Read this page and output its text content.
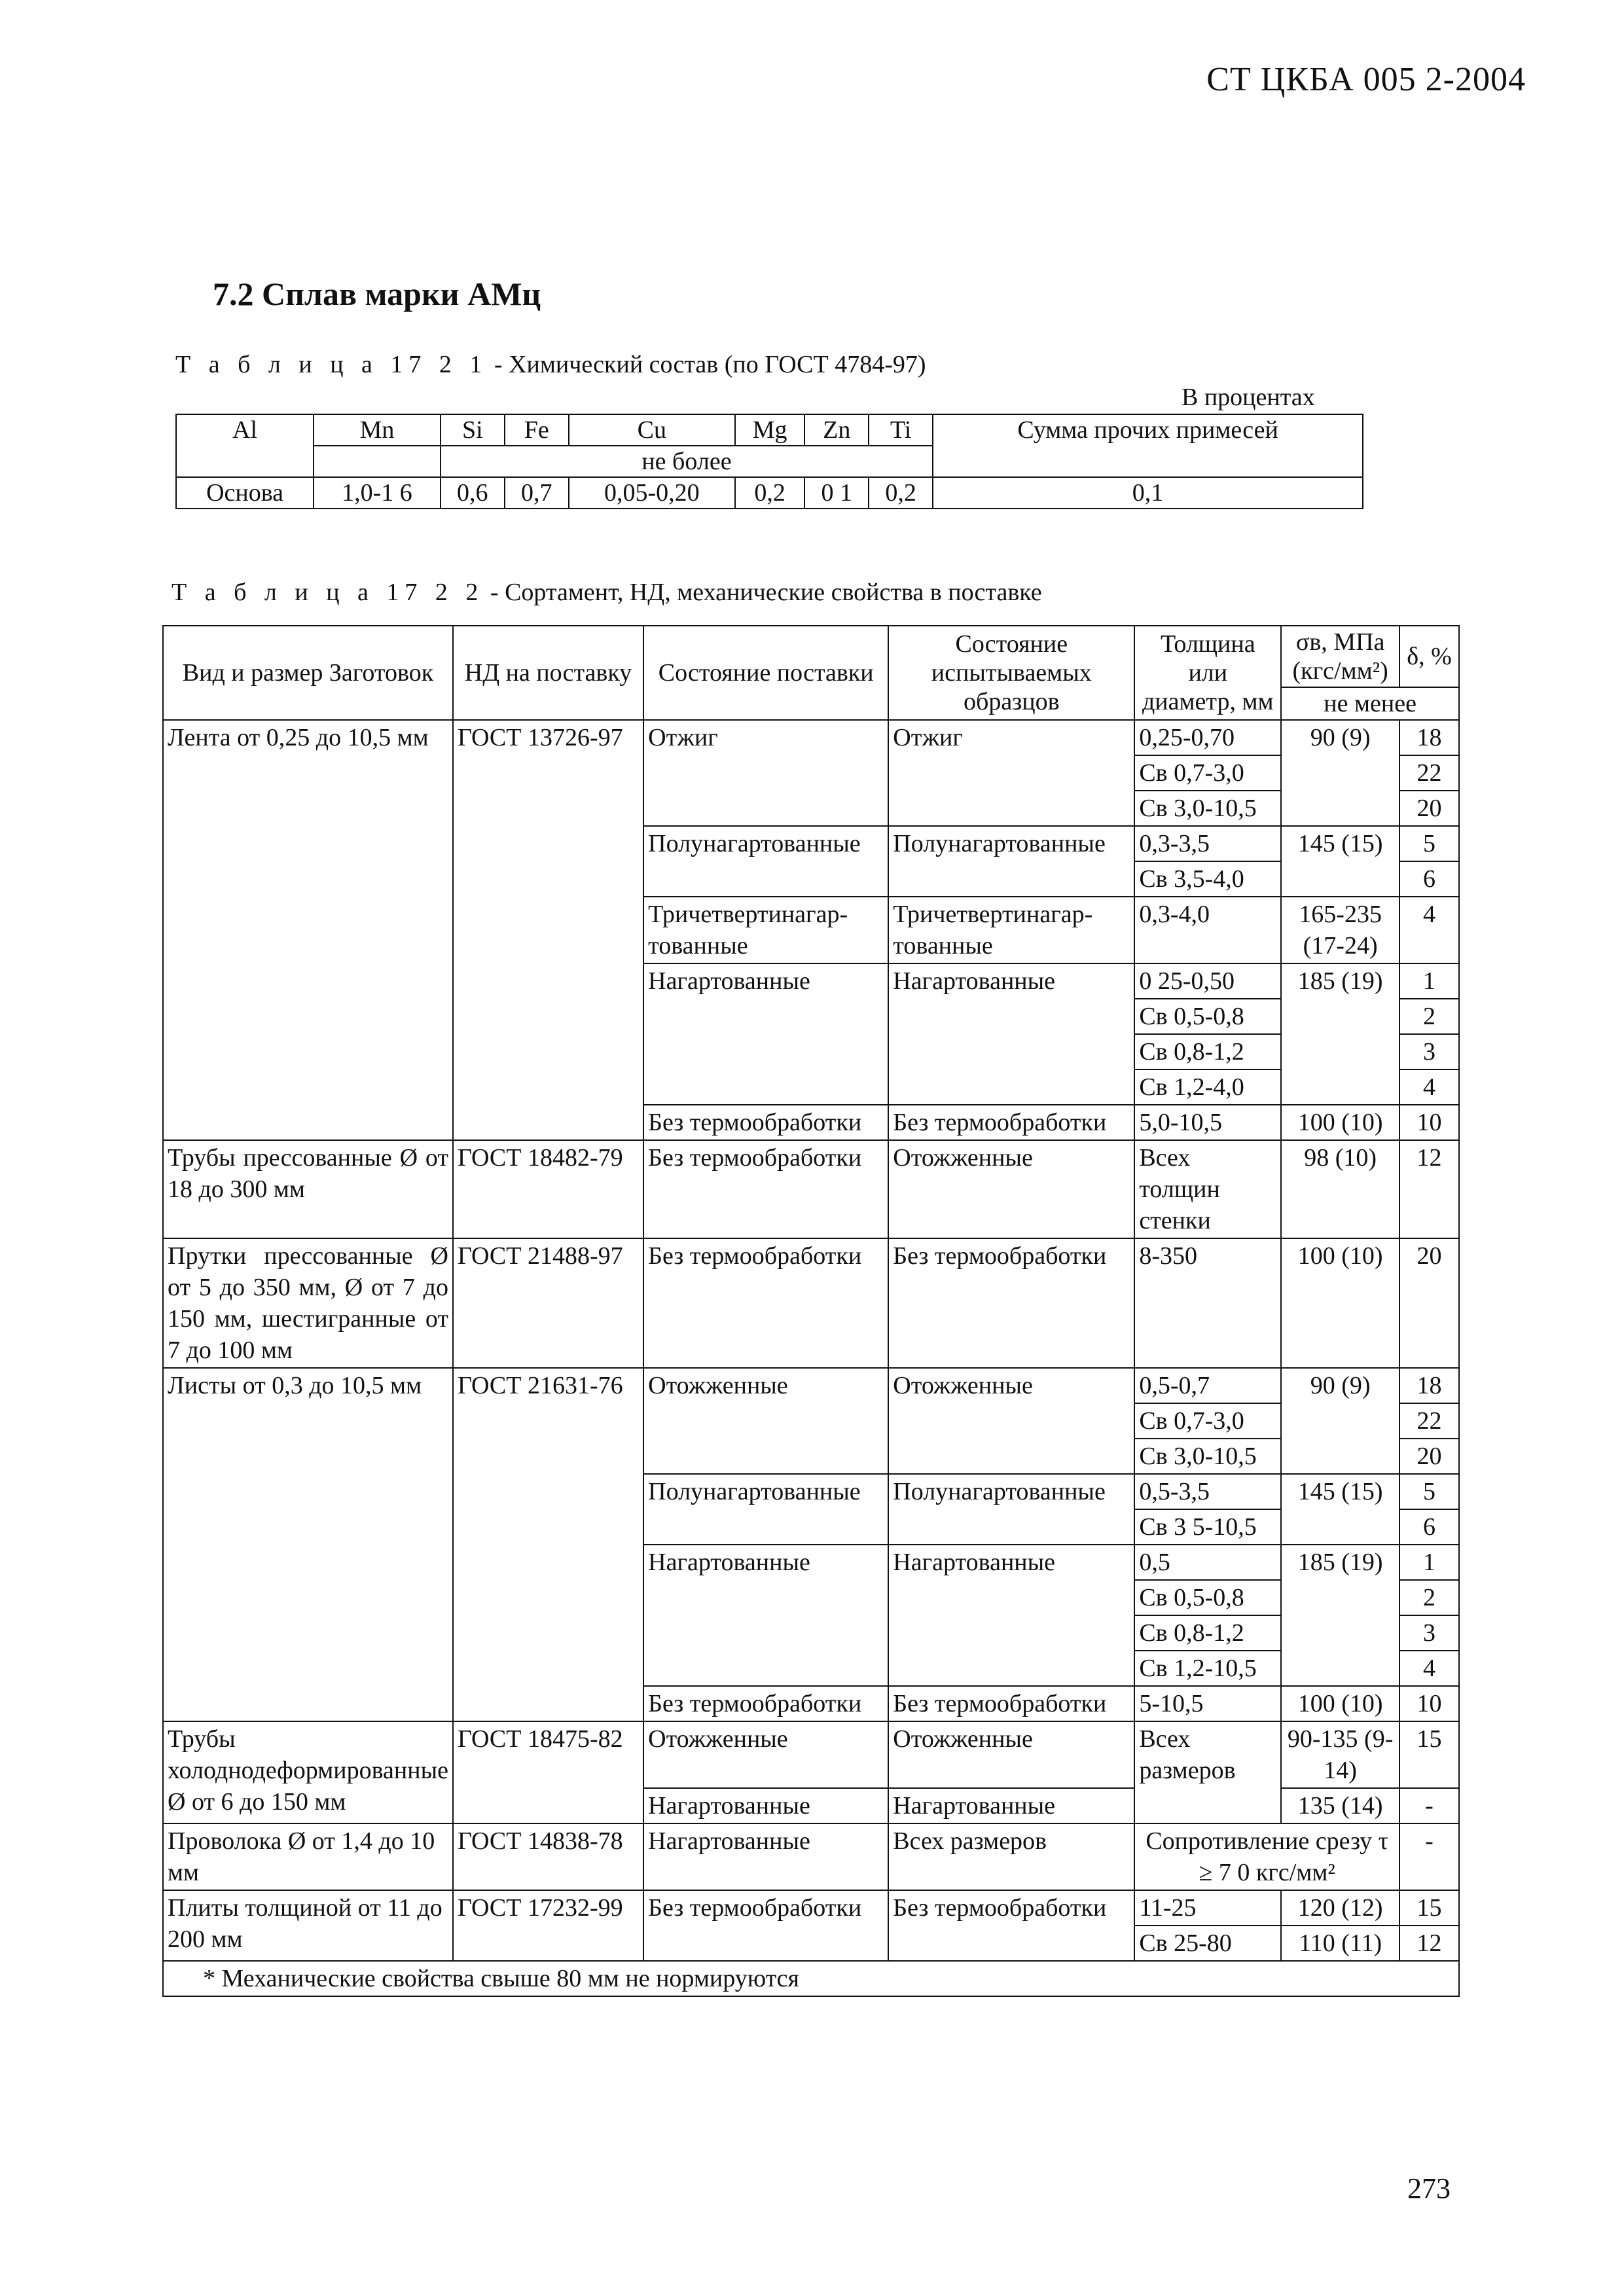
СТ ЦКБА 005 2-2004
7.2 Сплав марки АМц
Т а б л и ц а 17 2 1 - Химический состав (по ГОСТ 4784-97)
В процентах
Al	Mn	Si	Fe	Cu	Mg	Zn	Ti	Сумма прочих примесей
		не более						
Основа	1,0-1 6	0,6	0,7	0,05-0,20	0,2	0 1	0,2	0,1
Т а б л и ц а 17 2 2 - Сортамент, НД, механические свойства в поставке
Вид и размер Заготовок	НД на поставку	Состояние поставки	Состояние испытываемых образцов	Толщина или диаметр, мм	σв, МПа (кгс/мм²)	δ, %
					не менее	
Лента от 0,25 до 10,5 мм	ГОСТ 13726-97	Отжиг	Отжиг	0,25-0,70	90 (9)	18
				Св 0,7-3,0		22
				Св 3,0-10,5		20
		Полунагартованные	Полунагартованные	0,3-3,5	145 (15)	5
				Св 3,5-4,0		6
		Тричетвертинагар-тованные	Тричетвертинагар-тованные	0,3-4,0	165-235 (17-24)	4
		Нагартованные	Нагартованные	0 25-0,50	185 (19)	1
				Св 0,5-0,8		2
				Св 0,8-1,2		3
				Св 1,2-4,0		4
		Без термообработки	Без термообработки	5,0-10,5	100 (10)	10
Трубы прессованные Ø от 18 до 300 мм	ГОСТ 18482-79	Без термообработки	Отожженные	Всех толщин стенки	98 (10)	12
Прутки прессованные Ø от 5 до 350 мм, Ø от 7 до 150 мм, шестигранные от 7 до 100 мм	ГОСТ 21488-97	Без термообработки	Без термообработки	8-350	100 (10)	20
Листы от 0,3 до 10,5 мм	ГОСТ 21631-76	Отожженные	Отожженные	0,5-0,7	90 (9)	18
				Св 0,7-3,0		22
				Св 3,0-10,5		20
		Полунагартованные	Полунагартованные	0,5-3,5	145 (15)	5
				Св 3 5-10,5		6
		Нагартованные	Нагартованные	0,5	185 (19)	1
				Св 0,5-0,8		2
				Св 0,8-1,2		3
				Св 1,2-10,5		4
		Без термообработки	Без термообработки	5-10,5	100 (10)	10
Трубы холоднодеформированные Ø от 6 до 150 мм	ГОСТ 18475-82	Отожженные	Отожженные	Всех размеров	90-135 (9-14)	15
		Нагартованные	Нагартованные		135 (14)	-
Проволока Ø от 1,4 до 10 мм	ГОСТ 14838-78	Нагартованные	Всех размеров	Сопротивление срезу τ ≥ 7 0 кгс/мм²		-
Плиты толщиной от 11 до 200 мм	ГОСТ 17232-99	Без термообработки	Без термообработки	11-25	120 (12)	15
				Св 25-80	110 (11)	12
* Механические свойства свыше 80 мм не нормируются						
273
